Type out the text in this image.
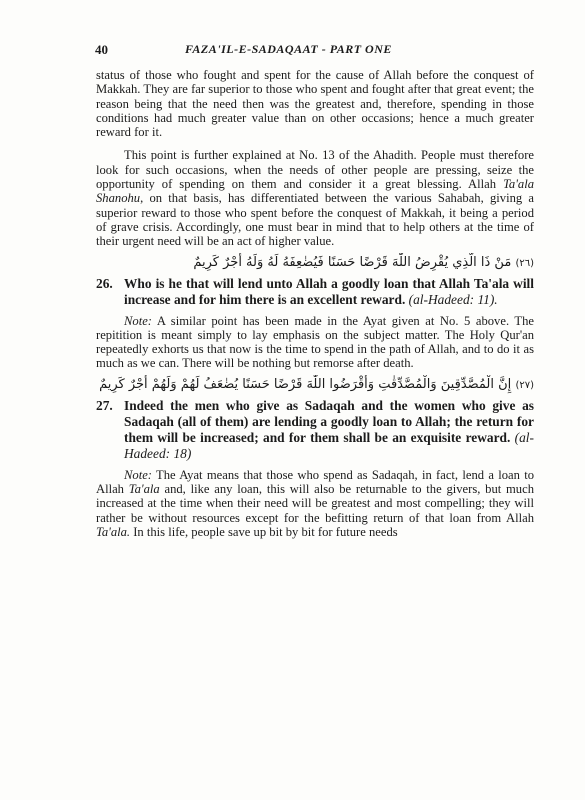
40	FAZA'IL-E-SADAQAAT - PART ONE

status of those who fought and spent for the cause of Allah before the conquest of Makkah. They are far superior to those who spent and fought after that great event; the reason being that the need then was the greatest and, therefore, spending in those conditions had much greater value than on other occasions; hence a much greater reward for it.

This point is further explained at No. 13 of the Ahadith. People must therefore look for such occasions, when the needs of other people are pressing, seize the opportunity of spending on them and consider it a great blessing. Allah Ta'ala Shanohu, on that basis, has differentiated between the various Sahabah, giving a superior reward to those who spent before the conquest of Makkah, it being a period of grave crisis. Accordingly, one must bear in mind that to help others at the time of their urgent need will be an act of higher value.

(٢٦) مَنْ ذَا الَّذِي يُقْرِضُ اللّٰهَ قَرْضًا حَسَنًا فَيُضٰعِفَهُ لَهُ وَلَهُ أَجْرٌ كَرِيمٌ
26. Who is he that will lend unto Allah a goodly loan that Allah Ta'ala will increase and for him there is an excellent reward. (al-Hadeed: 11).

Note: A similar point has been made in the Ayat given at No. 5 above. The repitition is meant simply to lay emphasis on the subject matter. The Holy Qur'an repeatedly exhorts us that now is the time to spend in the path of Allah, and to do it as much as we can. There will be nothing but remorse after death.

(٢٧) إِنَّ الْمُصَّدِّقِينَ وَالْمُصَّدِّقٰتِ وَأَقْرَضُوا اللّٰهَ قَرْضًا حَسَنًا يُضٰعَفُ لَهُمْ وَلَهُمْ أَجْرٌ كَرِيمٌ
27. Indeed the men who give as Sadaqah and the women who give as Sadaqah (all of them) are lending a goodly loan to Allah; the return for them will be increased; and for them shall be an exquisite reward. (al-Hadeed: 18)

Note: The Ayat means that those who spend as Sadaqah, in fact, lend a loan to Allah Ta'ala and, like any loan, this will also be returnable to the givers, but much increased at the time when their need will be greatest and most compelling; they will rather be without resources except for the befitting return of that loan from Allah Ta'ala. In this life, people save up bit by bit for future needs
